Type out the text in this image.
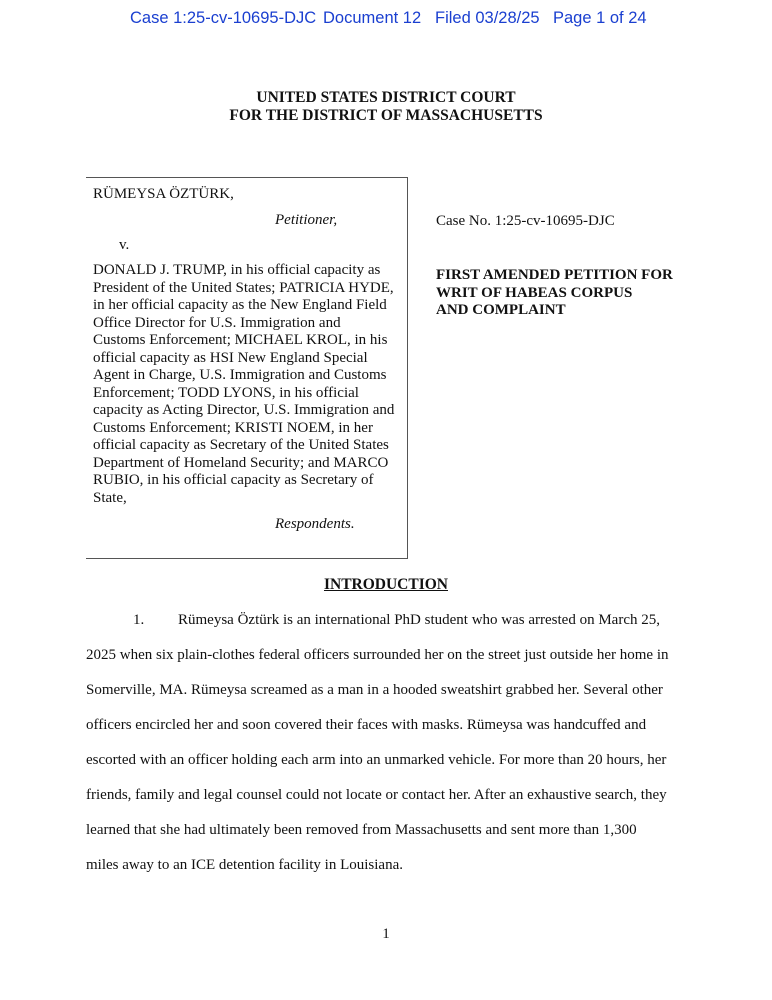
Case 1:25-cv-10695-DJC Document 12 Filed 03/28/25 Page 1 of 24
UNITED STATES DISTRICT COURT
FOR THE DISTRICT OF MASSACHUSETTS
RÜMEYSA ÖZTÜRK,
Petitioner,
v.
DONALD J. TRUMP, in his official capacity as
President of the United States; PATRICIA HYDE,
in her official capacity as the New England Field
Office Director for U.S. Immigration and
Customs Enforcement; MICHAEL KROL, in his
official capacity as HSI New England Special
Agent in Charge, U.S. Immigration and Customs
Enforcement; TODD LYONS, in his official
capacity as Acting Director, U.S. Immigration and
Customs Enforcement; KRISTI NOEM, in her
official capacity as Secretary of the United States
Department of Homeland Security; and MARCO
RUBIO, in his official capacity as Secretary of
State,
Respondents.
Case No. 1:25-cv-10695-DJC
FIRST AMENDED PETITION FOR
WRIT OF HABEAS CORPUS
AND COMPLAINT
INTRODUCTION
1. Rümeysa Öztürk is an international PhD student who was arrested on March 25,
2025 when six plain-clothes federal officers surrounded her on the street just outside her home in
Somerville, MA. Rümeysa screamed as a man in a hooded sweatshirt grabbed her. Several other
officers encircled her and soon covered their faces with masks. Rümeysa was handcuffed and
escorted with an officer holding each arm into an unmarked vehicle. For more than 20 hours, her
friends, family and legal counsel could not locate or contact her. After an exhaustive search, they
learned that she had ultimately been removed from Massachusetts and sent more than 1,300
miles away to an ICE detention facility in Louisiana.
1
